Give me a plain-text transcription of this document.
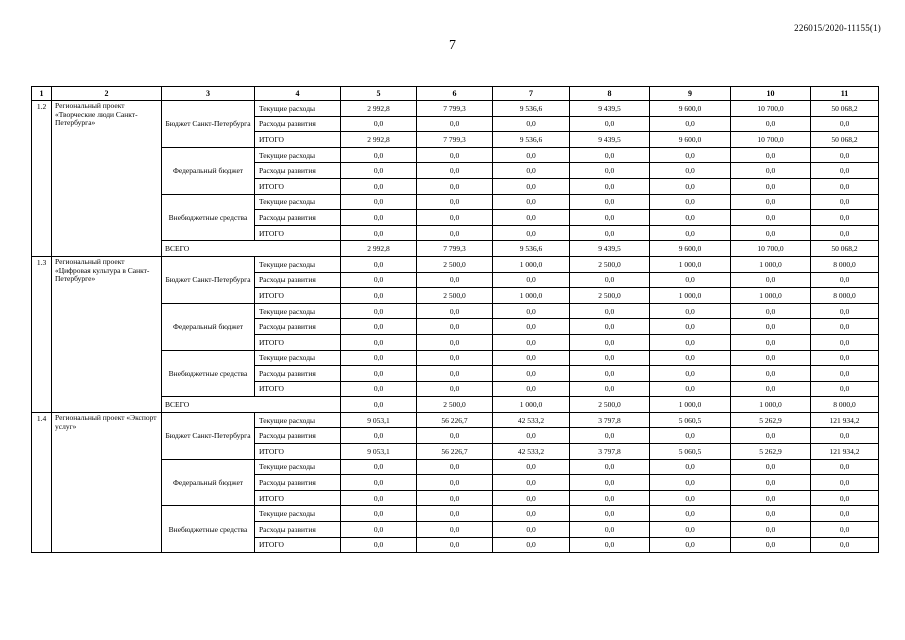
226015/2020-11155(1)
7
1	2	3	4	5	6	7	8	9	10	11
1.2	Региональный проект «Творческие люди Санкт-Петербурга»	Бюджет Санкт-Петербурга	Текущие расходы	2 992,8	7 799,3	9 536,6	9 439,5	9 600,0	10 700,0	50 068,2
			Расходы развития	0,0	0,0	0,0	0,0	0,0	0,0	0,0
			ИТОГО	2 992,8	7 799,3	9 536,6	9 439,5	9 600,0	10 700,0	50 068,2
		Федеральный бюджет	Текущие расходы	0,0	0,0	0,0	0,0	0,0	0,0	0,0
			Расходы развития	0,0	0,0	0,0	0,0	0,0	0,0	0,0
			ИТОГО	0,0	0,0	0,0	0,0	0,0	0,0	0,0
		Внебюджетные средства	Текущие расходы	0,0	0,0	0,0	0,0	0,0	0,0	0,0
			Расходы развития	0,0	0,0	0,0	0,0	0,0	0,0	0,0
			ИТОГО	0,0	0,0	0,0	0,0	0,0	0,0	0,0
		ВСЕГО		2 992,8	7 799,3	9 536,6	9 439,5	9 600,0	10 700,0	50 068,2
1.3	Региональный проект «Цифровая культура в Санкт-Петербурге»	Бюджет Санкт-Петербурга	Текущие расходы	0,0	2 500,0	1 000,0	2 500,0	1 000,0	1 000,0	8 000,0
			Расходы развития	0,0	0,0	0,0	0,0	0,0	0,0	0,0
			ИТОГО	0,0	2 500,0	1 000,0	2 500,0	1 000,0	1 000,0	8 000,0
		Федеральный бюджет	Текущие расходы	0,0	0,0	0,0	0,0	0,0	0,0	0,0
			Расходы развития	0,0	0,0	0,0	0,0	0,0	0,0	0,0
			ИТОГО	0,0	0,0	0,0	0,0	0,0	0,0	0,0
		Внебюджетные средства	Текущие расходы	0,0	0,0	0,0	0,0	0,0	0,0	0,0
			Расходы развития	0,0	0,0	0,0	0,0	0,0	0,0	0,0
			ИТОГО	0,0	0,0	0,0	0,0	0,0	0,0	0,0
		ВСЕГО		0,0	2 500,0	1 000,0	2 500,0	1 000,0	1 000,0	8 000,0
1.4	Региональный проект «Экспорт услуг»	Бюджет Санкт-Петербурга	Текущие расходы	9 053,1	56 226,7	42 533,2	3 797,8	5 060,5	5 262,9	121 934,2
			Расходы развития	0,0	0,0	0,0	0,0	0,0	0,0	0,0
			ИТОГО	9 053,1	56 226,7	42 533,2	3 797,8	5 060,5	5 262,9	121 934,2
		Федеральный бюджет	Текущие расходы	0,0	0,0	0,0	0,0	0,0	0,0	0,0
			Расходы развития	0,0	0,0	0,0	0,0	0,0	0,0	0,0
			ИТОГО	0,0	0,0	0,0	0,0	0,0	0,0	0,0
		Внебюджетные средства	Текущие расходы	0,0	0,0	0,0	0,0	0,0	0,0	0,0
			Расходы развития	0,0	0,0	0,0	0,0	0,0	0,0	0,0
			ИТОГО	0,0	0,0	0,0	0,0	0,0	0,0	0,0
